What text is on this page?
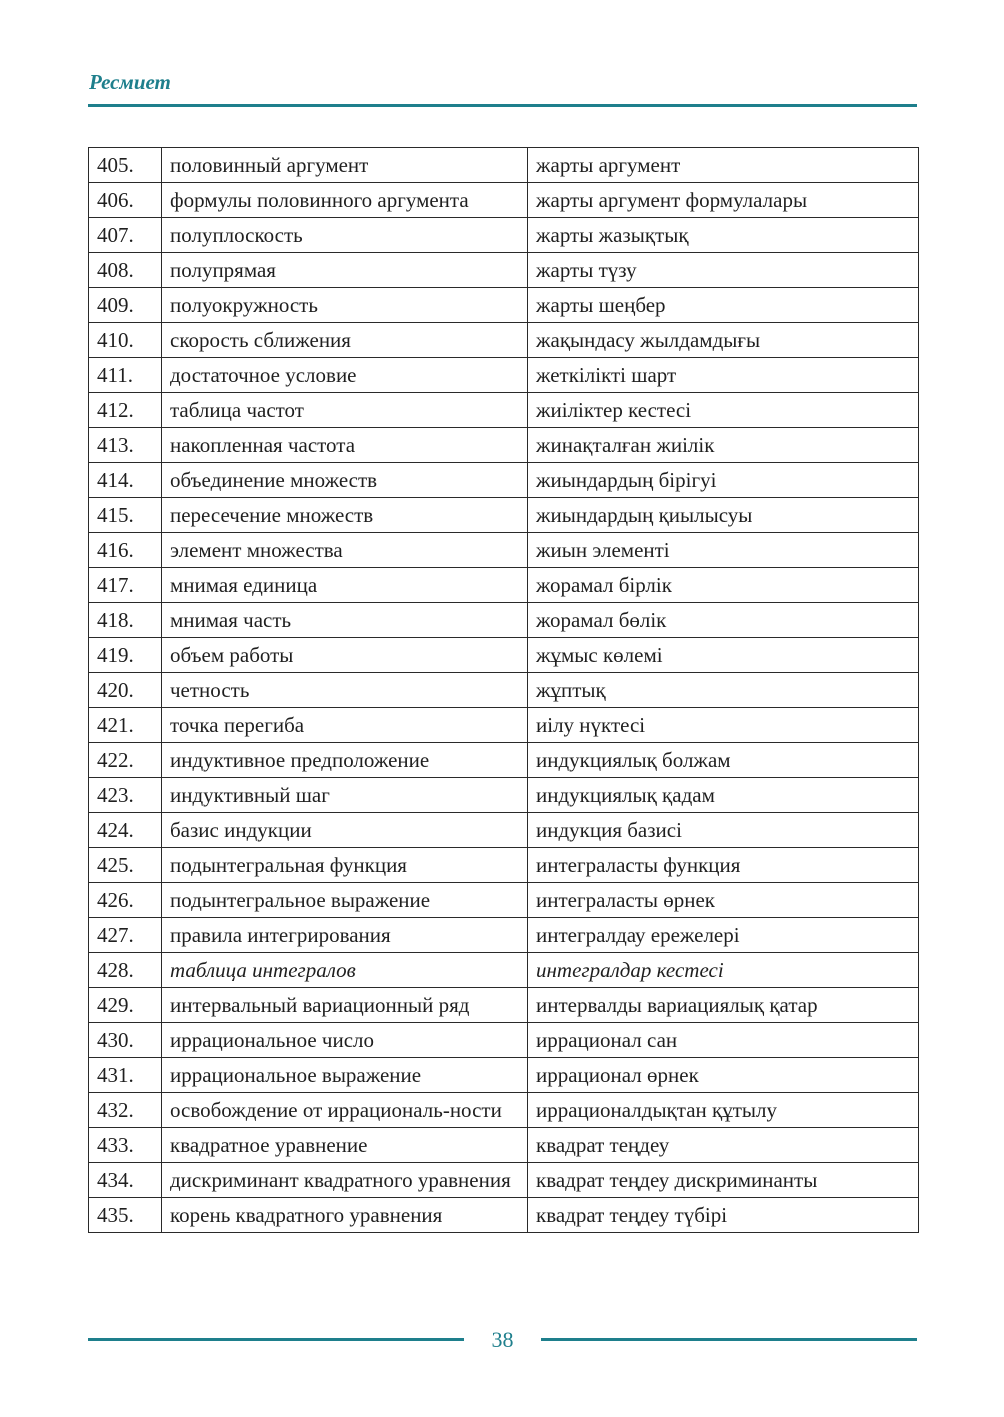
Ресмиет
405.	половинный аргумент	жарты аргумент
406.	формулы половинного аргумента	жарты аргумент формулалары
407.	полуплоскость	жарты жазықтық
408.	полупрямая	жарты түзу
409.	полуокружность	жарты шеңбер
410.	скорость сближения	жақындасу жылдамдығы
411.	достаточное условие	жеткілікті шарт
412.	таблица частот	жиіліктер кестесі
413.	накопленная частота	жинақталған жиілік
414.	объединение множеств	жиындардың бірігуі
415.	пересечение множеств	жиындардың қиылысуы
416.	элемент множества	жиын элементі
417.	мнимая единица	жорамал бірлік
418.	мнимая часть	жорамал бөлік
419.	объем работы	жұмыс көлемі
420.	четность	жұптық
421.	точка перегиба	иілу нүктесі
422.	индуктивное предположение	индукциялық болжам
423.	индуктивный шаг	индукциялық қадам
424.	базис индукции	индукция базисі
425.	подынтегральная функция	интеграласты функция
426.	подынтегральное выражение	интеграласты өрнек
427.	правила интегрирования	интегралдау ережелері
428.	таблица интегралов	интегралдар кестесі
429.	интервальный вариационный ряд	интервалды вариациялық қатар
430.	иррациональное число	иррационал сан
431.	иррациональное выражение	иррационал өрнек
432.	освобождение от иррациональ-ности	иррационалдықтан құтылу
433.	квадратное уравнение	квадрат теңдеу
434.	дискриминант квадратного уравнения	квадрат теңдеу дискриминанты
435.	корень квадратного уравнения	квадрат теңдеу түбірі
38
